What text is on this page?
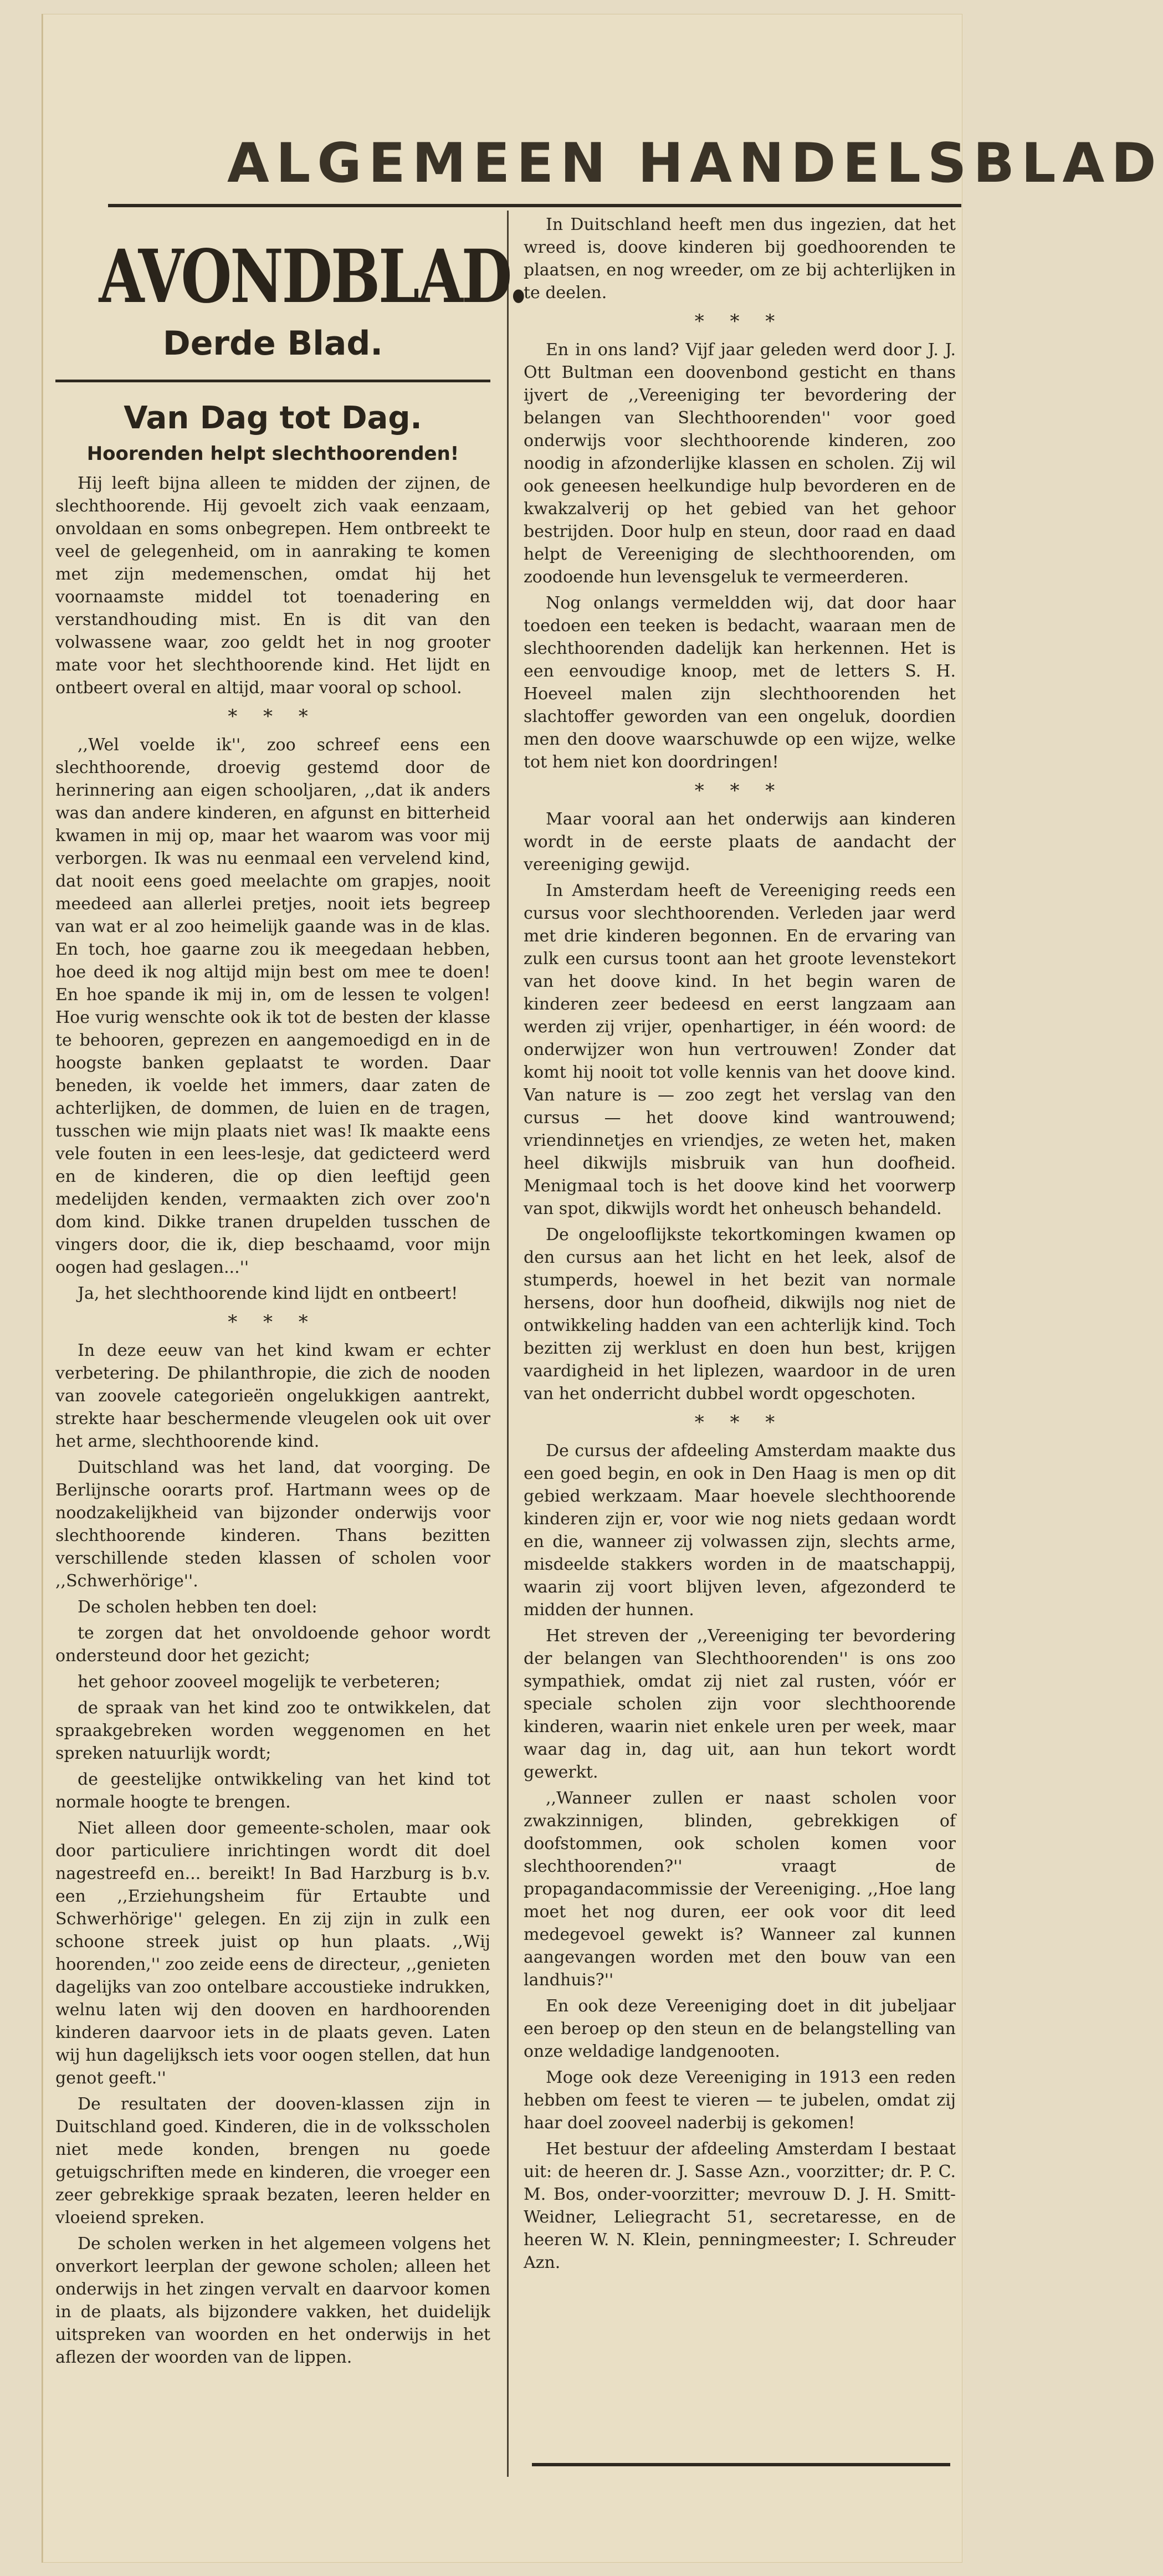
ALGEMEEN HANDELSBLAD
AVONDBLAD.
Derde Blad.
Van Dag tot Dag.
Hoorenden helpt slechthoorenden!

Hij leeft bijna alleen te midden der zijnen, de slechthoorende. Hij gevoelt zich vaak eenzaam, onvoldaan en soms onbegrepen. Hem ontbreekt te veel de gelegenheid, om in aanraking te komen met zijn medemenschen, omdat hij het voornaamste middel tot toenadering en verstandhouding mist. En is dit van den volwassene waar, zoo geldt het in nog grooter mate voor het slechthoorende kind. Het lijdt en ontbeert overal en altijd, maar vooral op school.

* * *

,,Wel voelde ik'', zoo schreef eens een slechthoorende, droevig gestemd door de herinnering aan eigen schooljaren, ,,dat ik anders was dan andere kinderen, en afgunst en bitterheid kwamen in mij op, maar het waarom was voor mij verborgen. Ik was nu eenmaal een vervelend kind, dat nooit eens goed meelachte om grapjes, nooit meedeed aan allerlei pretjes, nooit iets begreep van wat er al zoo heimelijk gaande was in de klas. En toch, hoe gaarne zou ik meegedaan hebben, hoe deed ik nog altijd mijn best om mee te doen! En hoe spande ik mij in, om de lessen te volgen! Hoe vurig wenschte ook ik tot de besten der klasse te behooren, geprezen en aangemoedigd en in de hoogste banken geplaatst te worden. Daar beneden, ik voelde het immers, daar zaten de achterlijken, de dommen, de luien en de tragen, tusschen wie mijn plaats niet was! Ik maakte eens vele fouten in een lees-lesje, dat gedicteerd werd en de kinderen, die op dien leeftijd geen medelijden kenden, vermaakten zich over zoo'n dom kind. Dikke tranen drupelden tusschen de vingers door, die ik, diep beschaamd, voor mijn oogen had geslagen...''

Ja, het slechthoorende kind lijdt en ontbeert!

* * *

In deze eeuw van het kind kwam er echter verbetering. De philanthropie, die zich de nooden van zoovele categorieën ongelukkigen aantrekt, strekte haar beschermende vleugelen ook uit over het arme, slechthoorende kind.

Duitschland was het land, dat voorging. De Berlijnsche oorarts prof. Hartmann wees op de noodzakelijkheid van bijzonder onderwijs voor slechthoorende kinderen. Thans bezitten verschillende steden klassen of scholen voor ,,Schwerhörige''.

De scholen hebben ten doel:

te zorgen dat het onvoldoende gehoor wordt ondersteund door het gezicht;

het gehoor zooveel mogelijk te verbeteren;

de spraak van het kind zoo te ontwikkelen, dat spraakgebreken worden weggenomen en het spreken natuurlijk wordt;

de geestelijke ontwikkeling van het kind tot normale hoogte te brengen.

Niet alleen door gemeente-scholen, maar ook door particuliere inrichtingen wordt dit doel nagestreefd en... bereikt! In Bad Harzburg is b.v. een ,,Erziehungsheim für Ertaubte und Schwerhörige'' gelegen. En zij zijn in zulk een schoone streek juist op hun plaats. ,,Wij hoorenden,'' zoo zeide eens de directeur, ,,genieten dagelijks van zoo ontelbare accoustieke indrukken, welnu laten wij den dooven en hardhoorenden kinderen daarvoor iets in de plaats geven. Laten wij hun dagelijksch iets voor oogen stellen, dat hun genot geeft.''

De resultaten der dooven-klassen zijn in Duitschland goed. Kinderen, die in de volksscholen niet mede konden, brengen nu goede getuigschriften mede en kinderen, die vroeger een zeer gebrekkige spraak bezaten, leeren helder en vloeiend spreken.

De scholen werken in het algemeen volgens het onverkort leerplan der gewone scholen; alleen het onderwijs in het zingen vervalt en daarvoor komen in de plaats, als bijzondere vakken, het duidelijk uitspreken van woorden en het onderwijs in het aflezen der woorden van de lippen.

In Duitschland heeft men dus ingezien, dat het wreed is, doove kinderen bij goedhoorenden te plaatsen, en nog wreeder, om ze bij achterlijken in te deelen.

* * *

En in ons land? Vijf jaar geleden werd door J. J. Ott Bultman een doovenbond gesticht en thans ijvert de ,,Vereeniging ter bevordering der belangen van Slechthoorenden'' voor goed onderwijs voor slechthoorende kinderen, zoo noodig in afzonderlijke klassen en scholen. Zij wil ook geneesen heelkundige hulp bevorderen en de kwakzalverij op het gebied van het gehoor bestrijden. Door hulp en steun, door raad en daad helpt de Vereeniging de slechthoorenden, om zoodoende hun levensgeluk te vermeerderen.

Nog onlangs vermeldden wij, dat door haar toedoen een teeken is bedacht, waaraan men de slechthoorenden dadelijk kan herkennen. Het is een eenvoudige knoop, met de letters S. H. Hoeveel malen zijn slechthoorenden het slachtoffer geworden van een ongeluk, doordien men den doove waarschuwde op een wijze, welke tot hem niet kon doordringen!

* * *

Maar vooral aan het onderwijs aan kinderen wordt in de eerste plaats de aandacht der vereeniging gewijd.

In Amsterdam heeft de Vereeniging reeds een cursus voor slechthoorenden. Verleden jaar werd met drie kinderen begonnen. En de ervaring van zulk een cursus toont aan het groote levenstekort van het doove kind. In het begin waren de kinderen zeer bedeesd en eerst langzaam aan werden zij vrijer, openhartiger, in één woord: de onderwijzer won hun vertrouwen! Zonder dat komt hij nooit tot volle kennis van het doove kind. Van nature is — zoo zegt het verslag van den cursus — het doove kind wantrouwend; vriendinnetjes en vriendjes, ze weten het, maken heel dikwijls misbruik van hun doofheid. Menigmaal toch is het doove kind het voorwerp van spot, dikwijls wordt het onheusch behandeld.

De ongelooflijkste tekortkomingen kwamen op den cursus aan het licht en het leek, alsof de stumperds, hoewel in het bezit van normale hersens, door hun doofheid, dikwijls nog niet de ontwikkeling hadden van een achterlijk kind. Toch bezitten zij werklust en doen hun best, krijgen vaardigheid in het liplezen, waardoor in de uren van het onderricht dubbel wordt opgeschoten.

* * *

De cursus der afdeeling Amsterdam maakte dus een goed begin, en ook in Den Haag is men op dit gebied werkzaam. Maar hoevele slechthoorende kinderen zijn er, voor wie nog niets gedaan wordt en die, wanneer zij volwassen zijn, slechts arme, misdeelde stakkers worden in de maatschappij, waarin zij voort blijven leven, afgezonderd te midden der hunnen.

Het streven der ,,Vereeniging ter bevordering der belangen van Slechthoorenden'' is ons zoo sympathiek, omdat zij niet zal rusten, vóór er speciale scholen zijn voor slechthoorende kinderen, waarin niet enkele uren per week, maar waar dag in, dag uit, aan hun tekort wordt gewerkt.

,,Wanneer zullen er naast scholen voor zwakzinnigen, blinden, gebrekkigen of doofstommen, ook scholen komen voor slechthoorenden?'' vraagt de propagandacommissie der Vereeniging. ,,Hoe lang moet het nog duren, eer ook voor dit leed medegevoel gewekt is? Wanneer zal kunnen aangevangen worden met den bouw van een landhuis?''

En ook deze Vereeniging doet in dit jubeljaar een beroep op den steun en de belangstelling van onze weldadige landgenooten.

Moge ook deze Vereeniging in 1913 een reden hebben om feest te vieren — te jubelen, omdat zij haar doel zooveel naderbij is gekomen!

Het bestuur der afdeeling Amsterdam I bestaat uit: de heeren dr. J. Sasse Azn., voorzitter; dr. P. C. M. Bos, onder-voorzitter; mevrouw D. J. H. Smitt-Weidner, Leliegracht 51, secretaresse, en de heeren W. N. Klein, penningmeester; I. Schreuder Azn.
